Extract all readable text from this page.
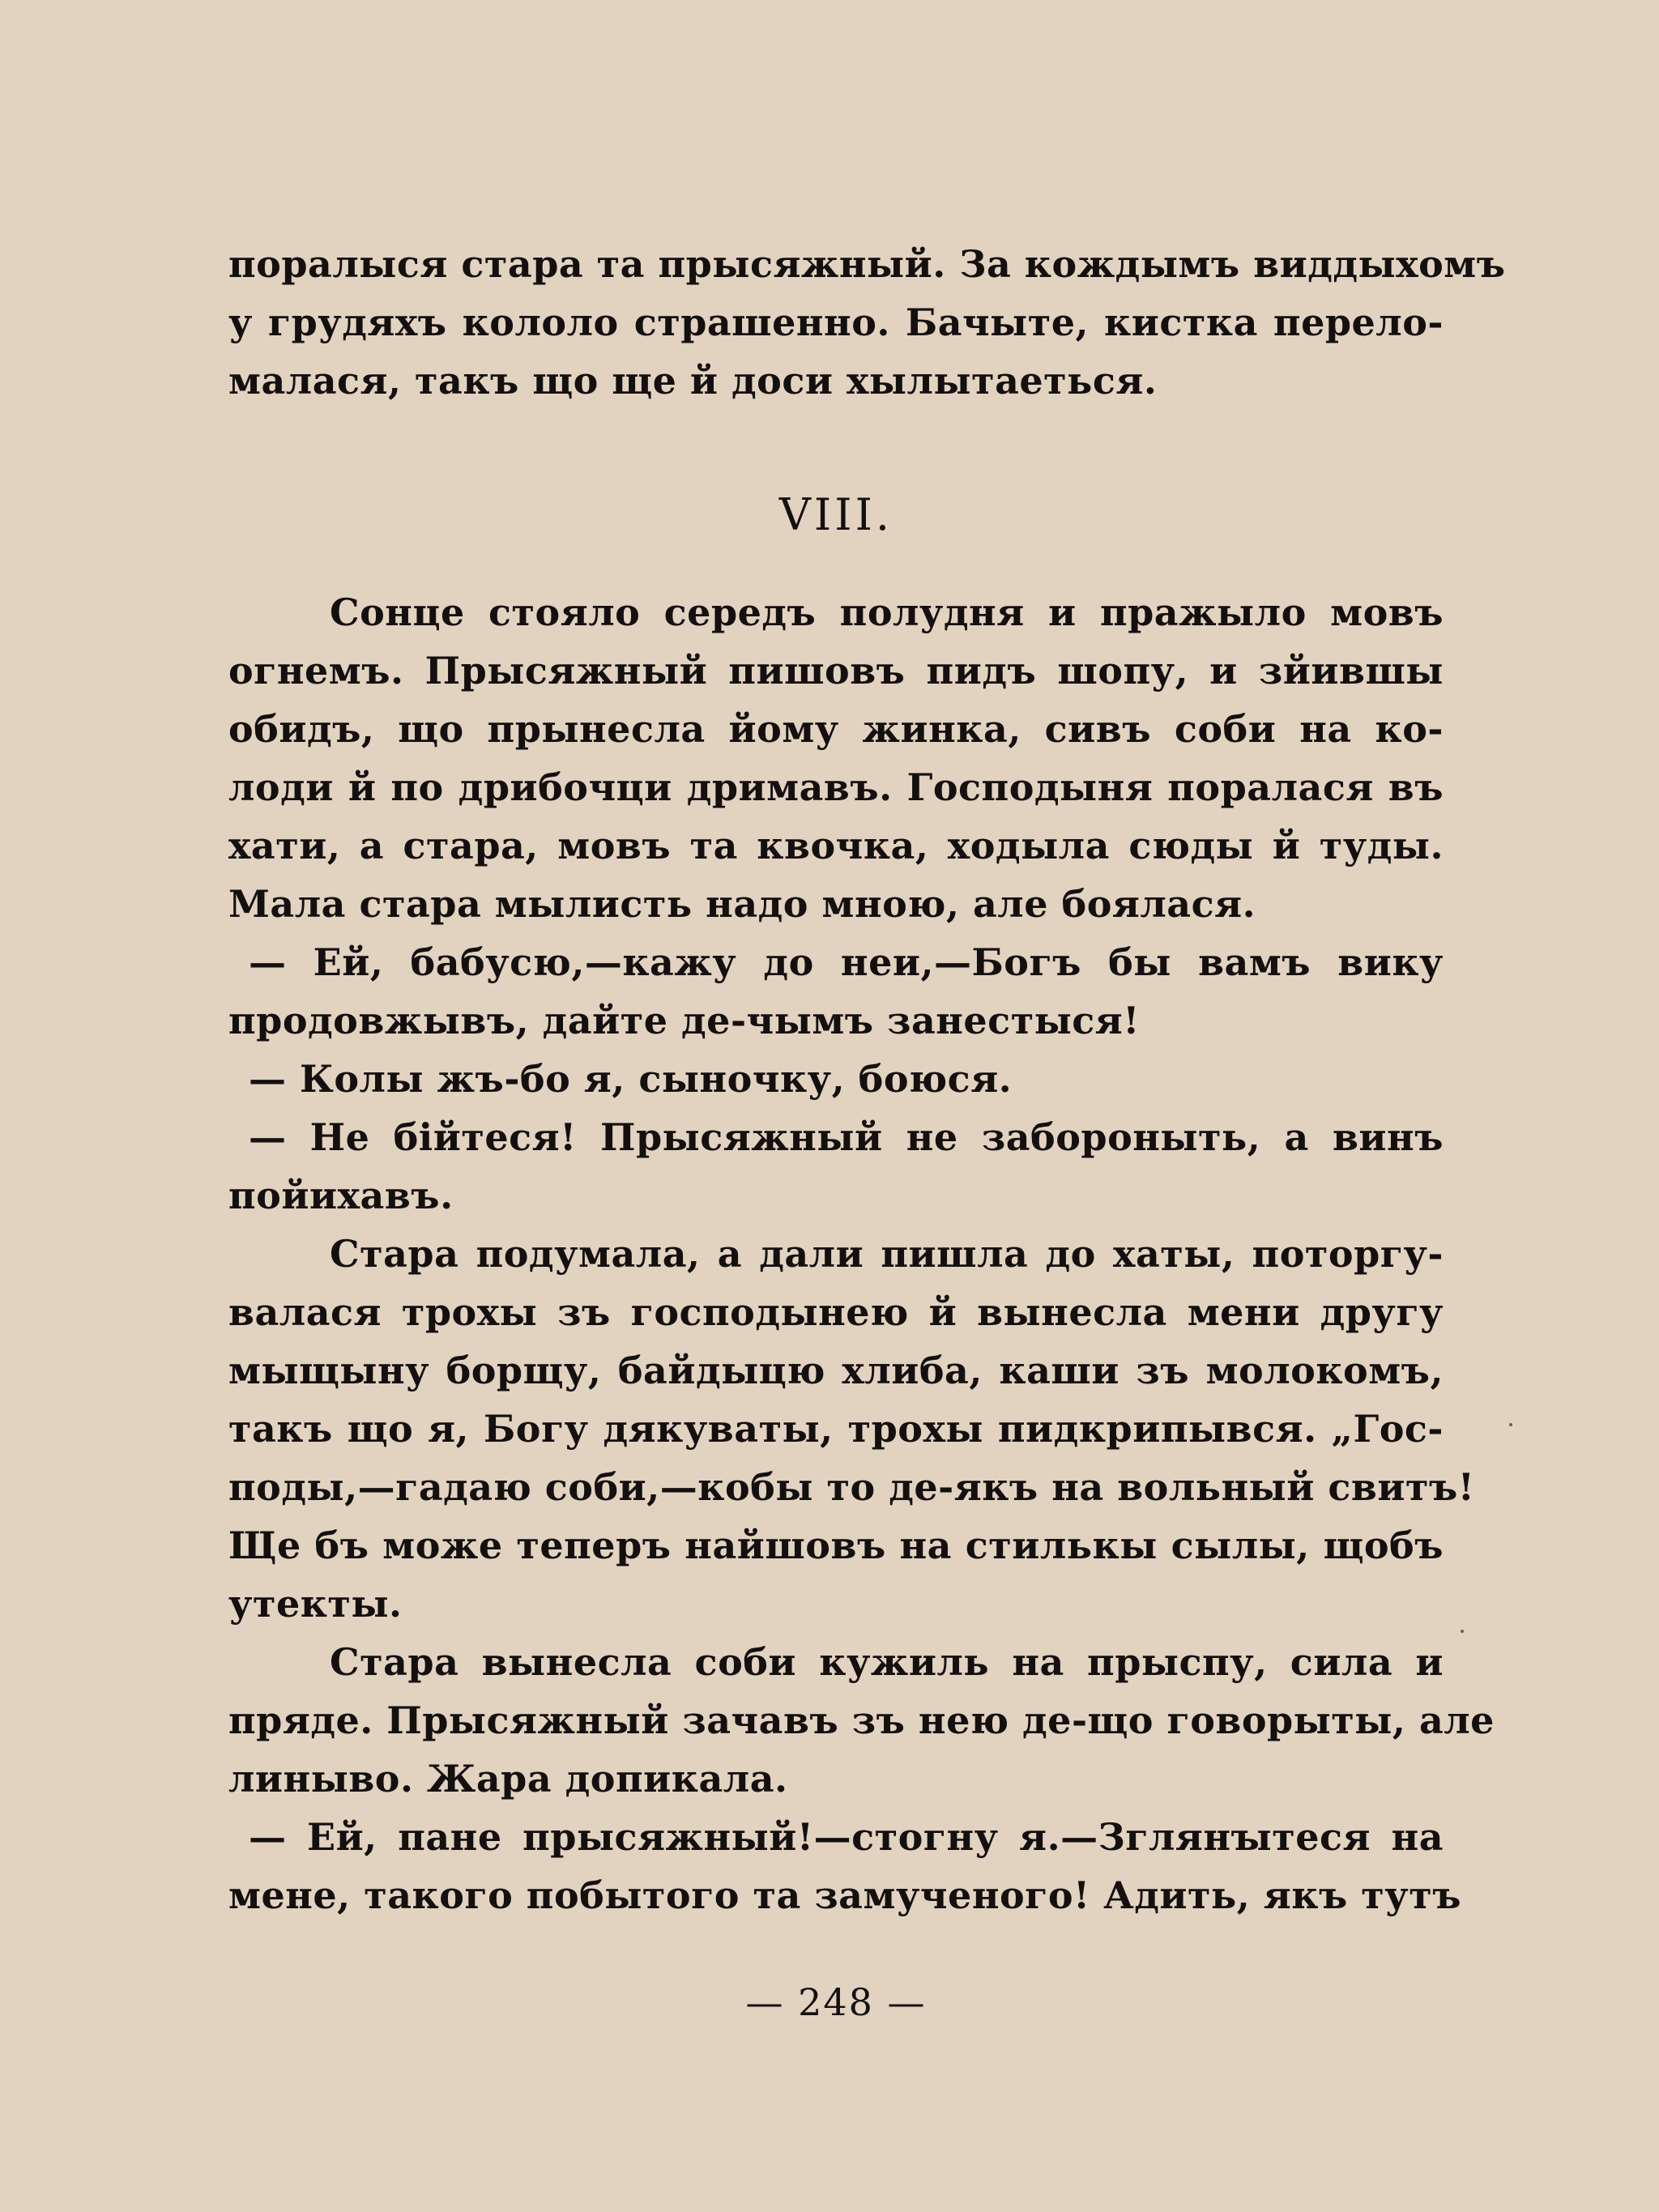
поралыся стара та прысяжный. За кождымъ виддыхомъ
у грудяхъ кололо страшенно. Бачыте, кистка перело-
малася, такъ що ще й доси хылытаеться.
VIII.
Сонце стояло середъ полудня и пражыло мовъ
огнемъ. Прысяжный пишовъ пидъ шопу, и зйившы
обидъ, що прынесла йому жинка, сивъ соби на ко-
лоди й по дрибочци дримавъ. Господыня поралася въ
хати, а стара, мовъ та квочка, ходыла сюды й туды.
Мала стара мылисть надо мною, але боялася.
— Ей, бабусю,—кажу до неи,—Богъ бы вамъ вику
продовжывъ, дайте де-чымъ занестыся!
— Колы жъ-бо я, сыночку, боюся.
— Не бійтеся! Прысяжный не забороныть, а винъ
пойихавъ.
Стара подумала, а дали пишла до хаты, поторгу-
валася трохы зъ господынею й вынесла мени другу
мыщыну борщу, байдыцю хлиба, каши зъ молокомъ,
такъ що я, Богу дякуваты, трохы пидкрипывся. „Гос-
поды,—гадаю соби,—кобы то де-якъ на вольный свитъ!
Ще бъ може теперъ найшовъ на стилькы сылы, щобъ
утекты.
Стара вынесла соби кужиль на прыспу, сила и
пряде. Прысяжный зачавъ зъ нею де-що говорыты, але
линыво. Жара допикала.
— Ей, пане прысяжный!—стогну я.—Зглянꙑтеся на
мене, такого побытого та замученого! Адить, якъ тутъ
— 248 —
